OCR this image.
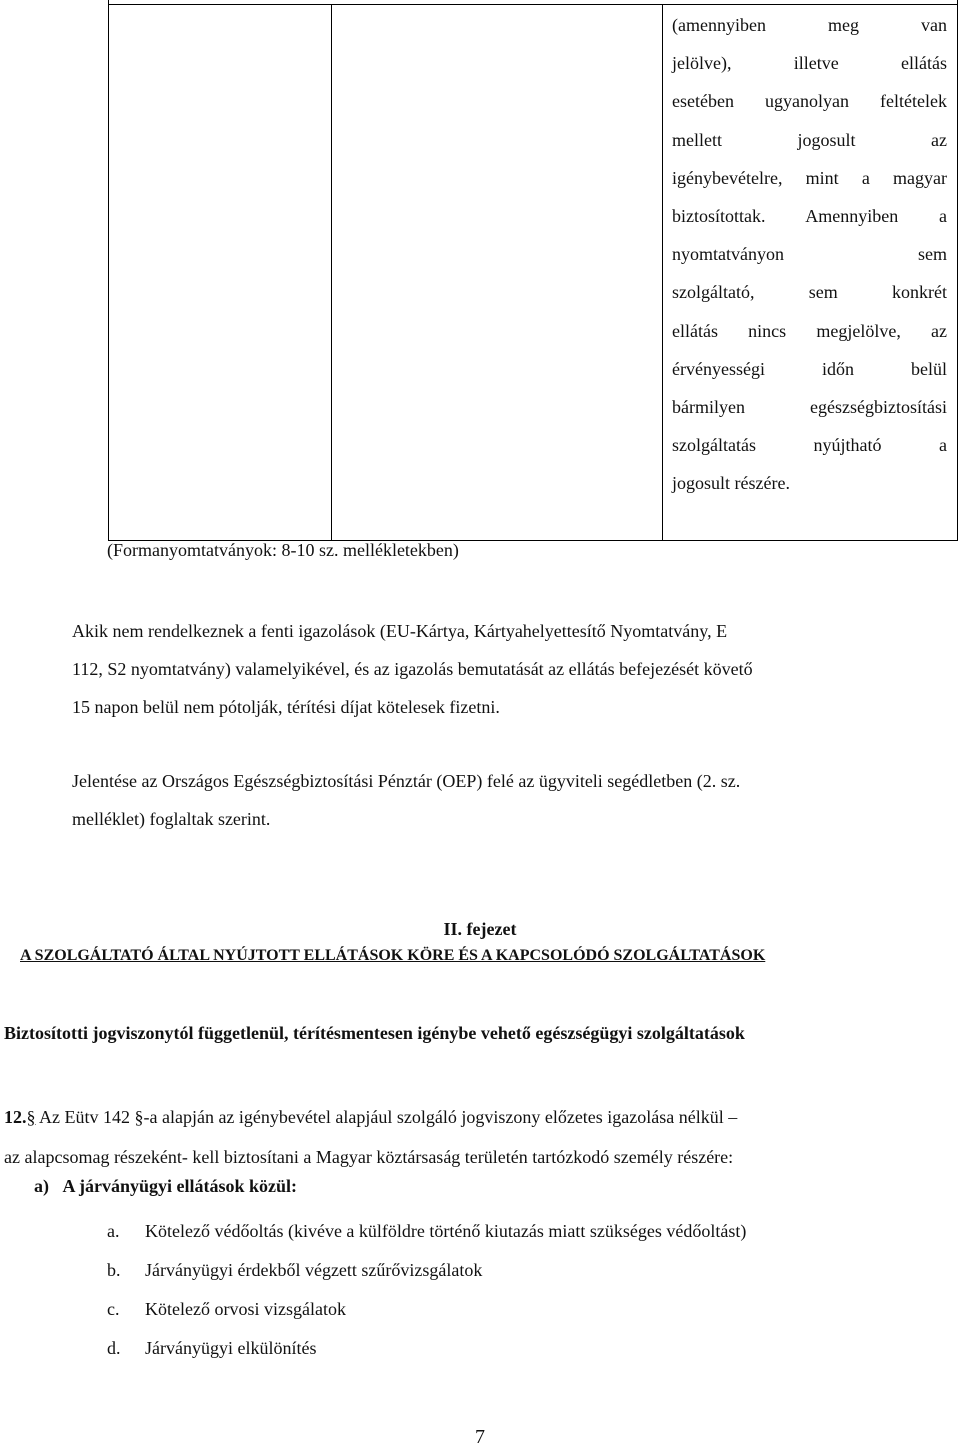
(amennyiben meg van
jelölve), illetve ellátás
esetében ugyanolyan feltételek
mellett jogosult az
igénybevételre, mint a magyar
biztosítottak. Amennyiben a
nyomtatványon sem
szolgáltató, sem konkrét
ellátás nincs megjelölve, az
érvényességi időn belül
bármilyen egészségbiztosítási
szolgáltatás nyújtható a
jogosult részére.
(Formanyomtatványok: 8-10 sz. mellékletekben)
Akik nem rendelkeznek a fenti igazolások (EU-Kártya, Kártyahelyettesítő Nyomtatvány, E
112, S2 nyomtatvány) valamelyikével, és az igazolás bemutatását az ellátás befejezését követő
15 napon belül nem pótolják, térítési díjat kötelesek fizetni.
Jelentése az Országos Egészségbiztosítási Pénztár (OEP) felé az ügyviteli segédletben (2. sz.
melléklet) foglaltak szerint.
II. fejezet
A SZOLGÁLTATÓ ÁLTAL NYÚJTOTT ELLÁTÁSOK KÖRE ÉS A KAPCSOLÓDÓ SZOLGÁLTATÁSOK
Biztosítotti jogviszonytól függetlenül, térítésmentesen igénybe vehető egészségügyi szolgáltatások
12.§ Az Eütv 142 §-a alapján az igénybevétel alapjául szolgáló jogviszony előzetes igazolása nélkül –
az alapcsomag részeként- kell biztosítani a Magyar köztársaság területén tartózkodó személy részére:
a) A járványügyi ellátások közül:
a.	Kötelező védőoltás (kivéve a külföldre történő kiutazás miatt szükséges védőoltást)
b.	Járványügyi érdekből végzett szűrővizsgálatok
c.	Kötelező orvosi vizsgálatok
d.	Járványügyi elkülönítés
7
